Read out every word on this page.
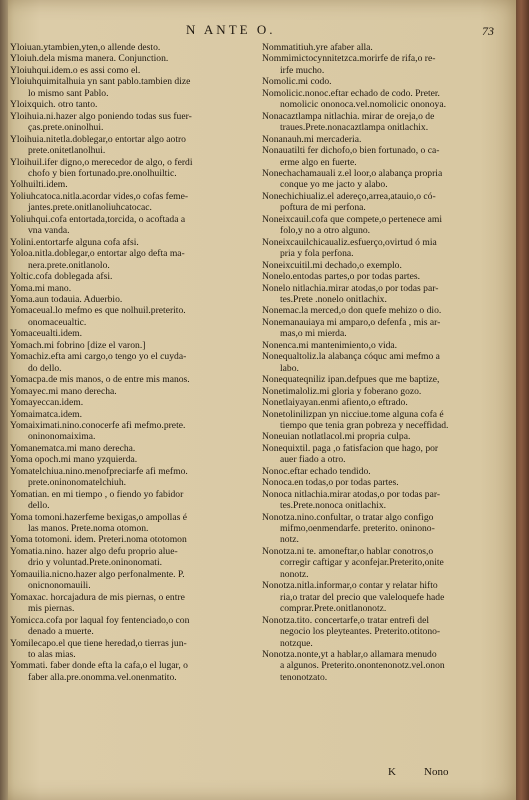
N ANTE O.	73
Yloiuan.ytambien,yten,o allende desto.
Yloiuh.dela misma manera. Conjunction.
Yloiuhqui.idem.o es assi como el.
Yloiuhquimitalhuia yn sant pablo.tambien dize
lo mismo sant Pablo.
Yloixquich. otro tanto.
Yloihuia.ni.hazer algo poniendo todas sus fuer-
ças.prete.oninolhui.
Yloihuia.nitetla.doblegar,o entortar algo aotro
prete.onitetlanolhui.
Yloihuil.ifer digno,o merecedor de algo, o ferdi
chofo y bien fortunado.pre.onolhuiltic.
Yolhuilti.idem.
Yoliuhcatoca.nitla.acordar vides,o cofas feme-
jantes.prete.onitlanoliuhcatocac.
Yoliuhqui.cofa entortada,torcida, o acoftada a
vna vanda.
Yolini.entortarfe alguna cofa afsi.
Yoloa.nitla.doblegar,o entortar algo defta ma-
nera.prete.onitlanolo.
Yoltic.cofa doblegada afsi.
Yoma.mi mano.
Yoma.aun todauia. Aduerbio.
Yomaceual.lo mefmo es que nolhuil.preterito.
onomaceualtic.
Yomaceualti.idem.
Yomach.mi fobrino [dize el varon.]
Yomachiz.efta ami cargo,o tengo yo el cuyda-
do dello.
Yomacpa.de mis manos, o de entre mis manos.
Yomayec.mi mano derecha.
Yomayeccan.idem.
Yomaimatca.idem.
Yomaiximati.nino.conocerfe afi mefmo.prete.
oninonomaixima.
Yomanematca.mi mano derecha.
Yoma opoch.mi mano yzquierda.
Yomatelchiua.nino.menofpreciarfe afi mefmo.
prete.oninonomatelchiuh.
Yomatian. en mi tiempo , o fiendo yo fabidor
dello.
Yoma tomoni.hazerfeme bexigas,o ampollas é
las manos. Prete.noma otomon.
Yoma totomoni. idem. Preteri.noma ototomon
Yomatia.nino. hazer algo defu proprio alue-
drio y voluntad.Prete.oninonomati.
Yomauilia.nicno.hazer algo perfonalmente. P.
onicnonomauili.
Yomaxac. horcajadura de mis piernas, o entre
mis piernas.
Yomicca.cofa por laqual foy fentenciado,o con
denado a muerte.
Yomilecapo.el que tiene heredad,o tierras jun-
to alas mias.
Yommati. faber donde efta la cafa,o el lugar, o
faber alla.pre.onomma.vel.onenmatito.
Nommatitiuh.yre afaber alla.
Nommimictocynnitetzca.morirfe de rifa,o re-
irfe mucho.
Nomolic.mi codo.
Nomolicic.nonoc.eftar echado de codo. Preter.
nomolicic ononoca.vel.nomolicic ononoya.
Nonacaztlampa nitlachia. mirar de oreja,o de
traues.Prete.nonacaztlampa onitlachix.
Nonanauh.mi mercaderia.
Nonauatilti fer dichofo,o bien fortunado, o ca-
erme algo en fuerte.
Nonechachamauali z.el loor,o alabança propria
conque yo me jacto y alabo.
Nonechichiualiz.el adereço,arrea,atauio,o có-
poftura de mi perfona.
Noneixcauil.cofa que compete,o pertenece ami
folo,y no a otro alguno.
Noneixcauilchicaualiz.esfuerço,ovirtud ó mia
pria y fola perfona.
Noneixcuitil.mi dechado,o exemplo.
Nonelo.entodas partes,o por todas partes.
Nonelo nitlachia.mirar atodas,o por todas par-
tes.Prete .nonelo onitlachix.
Nonemac.la merced,o don quefe mehizo o dio.
Nonemanauiaya mi amparo,o defenfa , mis ar-
mas,o mi mierda.
Nonenca.mi mantenimiento,o vida.
Nonequaltoliz.la alabança cóquc ami mefmo a
labo.
Nonequateqniliz ipan.defpues que me baptize,
Nonetimaloliz.mi gloria y foberano gozo.
Nonetlaiyayan.enmi afiento,o eftrado.
Nonetolinilizpan yn nicciue.tome alguna cofa é
tiempo que tenia gran pobreza y neceffidad.
Noneuian notlatlacol.mi propria culpa.
Nonequixtil. paga ,o fatisfacion que hago, por
auer fiado a otro.
Nonoc.eftar echado tendido.
Nonoca.en todas,o por todas partes.
Nonoca nitlachia.mirar atodas,o por todas par-
tes.Prete.nonoca onitlachix.
Nonotza.nino.confultar, o tratar algo configo
mifmo,oenmendarfe. preterito. oninono-
notz.
Nonotza.ni te. amoneftar,o hablar conotros,o
corregir caftigar y aconfejar.Preterito,onite
nonotz.
Nonotza.nitla.informar,o contar y relatar hifto
ria,o tratar del precio que valeloquefe hade
comprar.Prete.onitlanonotz.
Nonotza.tito. concertarfe,o tratar entrefi del
negocio los pleyteantes. Preterito.otitono-
notzque.
Nonotza.nonte,yt a hablar,o allamara menudo
a algunos. Preterito.onontenonotz.vel.onon
tenonotzato.
K	Nono
